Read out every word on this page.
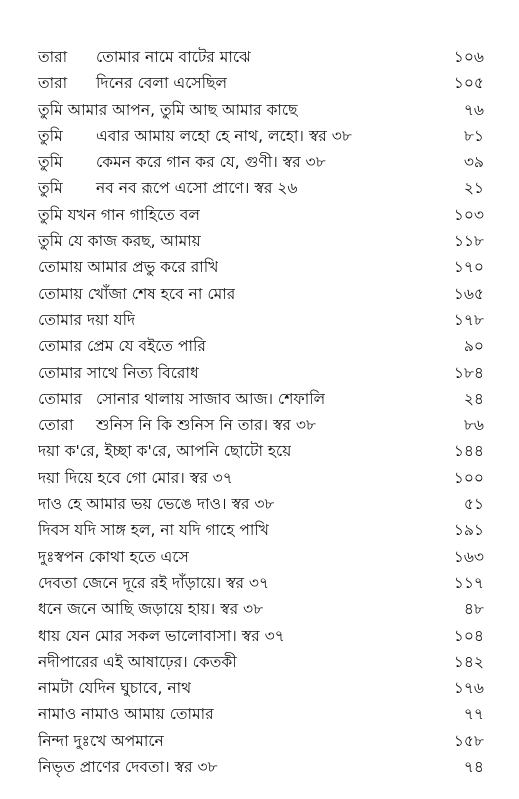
তারা তোমার নামে বাটের মাঝে	১০৬
তারা দিনের বেলা এসেছিল	১০৫
তুমি আমার আপন, তুমি আছ আমার কাছে	৭৬
তুমি এবার আমায় লহো হে নাথ, লহো। স্বর ৩৮	৮১
তুমি কেমন করে গান কর যে, গুণী। স্বর ৩৮	৩৯
তুমি নব নব রূপে এসো প্রাণে। স্বর ২৬	২১
তুমি যখন গান গাহিতে বল	১০৩
তুমি যে কাজ করছ, আমায়	১১৮
তোমায় আমার প্রভু করে রাখি	১৭০
তোমায় খোঁজা শেষ হবে না মোর	১৬৫
তোমার দয়া যদি	১৭৮
তোমার প্রেম যে বইতে পারি	৯০
তোমার সাথে নিত্য বিরোধ	১৮৪
তোমার সোনার থালায় সাজাব আজ। শেফালি	২৪
তোরা শুনিস নি কি শুনিস নি তার। স্বর ৩৮	৮৬
দয়া ক'রে, ইচ্ছা ক'রে, আপনি ছোটো হয়ে	১৪৪
দয়া দিয়ে হবে গো মোর। স্বর ৩৭	১০০
দাও হে আমার ভয় ভেঙে দাও। স্বর ৩৮	৫১
দিবস যদি সাঙ্গ হল, না যদি গাহে পাখি	১৯১
দুঃস্বপন কোথা হতে এসে	১৬৩
দেবতা জেনে দূরে রই দাঁড়ায়ে। স্বর ৩৭	১১৭
ধনে জনে আছি জড়ায়ে হায়। স্বর ৩৮	৪৮
ধায় যেন মোর সকল ভালোবাসা। স্বর ৩৭	১০৪
নদীপারের এই আষাঢ়ের। কেতকী	১৪২
নামটা যেদিন ঘুচাবে, নাথ	১৭৬
নামাও নামাও আমায় তোমার	৭৭
নিন্দা দুঃখে অপমানে	১৫৮
নিভৃত প্রাণের দেবতা। স্বর ৩৮	৭৪
